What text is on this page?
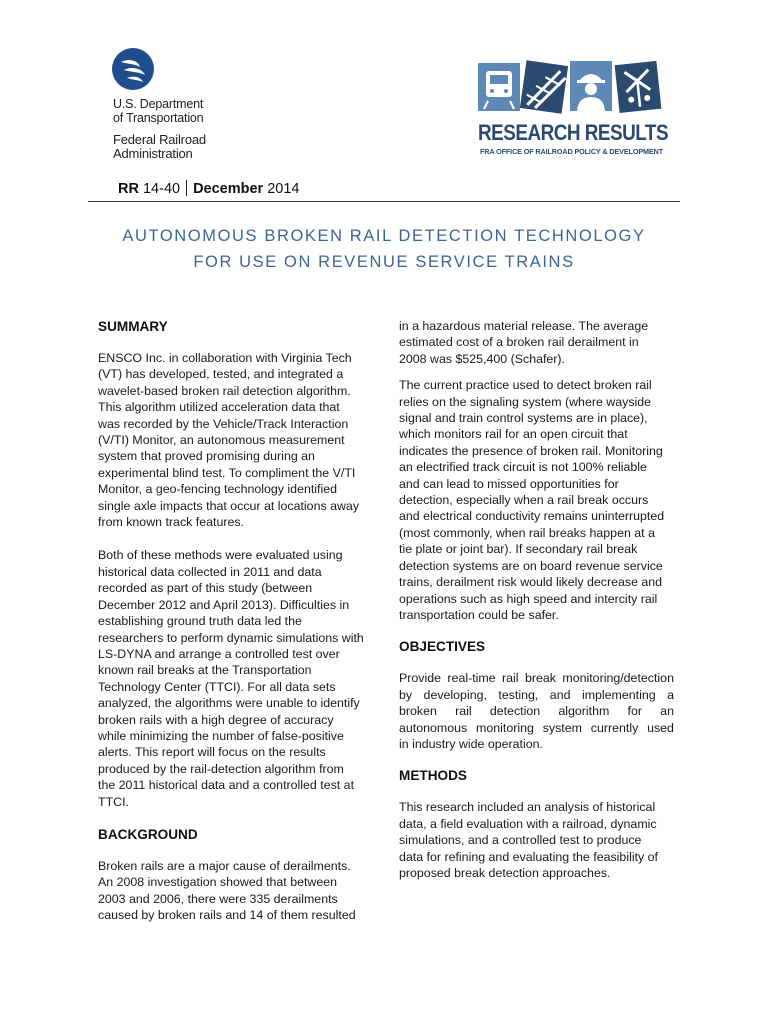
U.S. Department
of Transportation
Federal Railroad
Administration
RESEARCH RESULTS
FRA OFFICE OF RAILROAD POLICY & DEVELOPMENT
RR 14-40 December 2014
AUTONOMOUS BROKEN RAIL DETECTION TECHNOLOGY
FOR USE ON REVENUE SERVICE TRAINS
SUMMARY

ENSCO Inc. in collaboration with Virginia Tech
(VT) has developed, tested, and integrated a
wavelet-based broken rail detection algorithm.
This algorithm utilized acceleration data that
was recorded by the Vehicle/Track Interaction
(V/TI) Monitor, an autonomous measurement
system that proved promising during an
experimental blind test. To compliment the V/TI
Monitor, a geo-fencing technology identified
single axle impacts that occur at locations away
from known track features.

Both of these methods were evaluated using
historical data collected in 2011 and data
recorded as part of this study (between
December 2012 and April 2013). Difficulties in
establishing ground truth data led the
researchers to perform dynamic simulations with
LS-DYNA and arrange a controlled test over
known rail breaks at the Transportation
Technology Center (TTCI). For all data sets
analyzed, the algorithms were unable to identify
broken rails with a high degree of accuracy
while minimizing the number of false-positive
alerts. This report will focus on the results
produced by the rail-detection algorithm from
the 2011 historical data and a controlled test at
TTCI.

BACKGROUND

Broken rails are a major cause of derailments.
An 2008 investigation showed that between
2003 and 2006, there were 335 derailments
caused by broken rails and 14 of them resulted

in a hazardous material release. The average
estimated cost of a broken rail derailment in
2008 was $525,400 (Schafer).

The current practice used to detect broken rail
relies on the signaling system (where wayside
signal and train control systems are in place),
which monitors rail for an open circuit that
indicates the presence of broken rail. Monitoring
an electrified track circuit is not 100% reliable
and can lead to missed opportunities for
detection, especially when a rail break occurs
and electrical conductivity remains uninterrupted
(most commonly, when rail breaks happen at a
tie plate or joint bar). If secondary rail break
detection systems are on board revenue service
trains, derailment risk would likely decrease and
operations such as high speed and intercity rail
transportation could be safer.

OBJECTIVES

Provide real-time rail break monitoring/detection
by developing, testing, and implementing a
broken rail detection algorithm for an
autonomous monitoring system currently used
in industry wide operation.

METHODS

This research included an analysis of historical
data, a field evaluation with a railroad, dynamic
simulations, and a controlled test to produce
data for refining and evaluating the feasibility of
proposed break detection approaches.
